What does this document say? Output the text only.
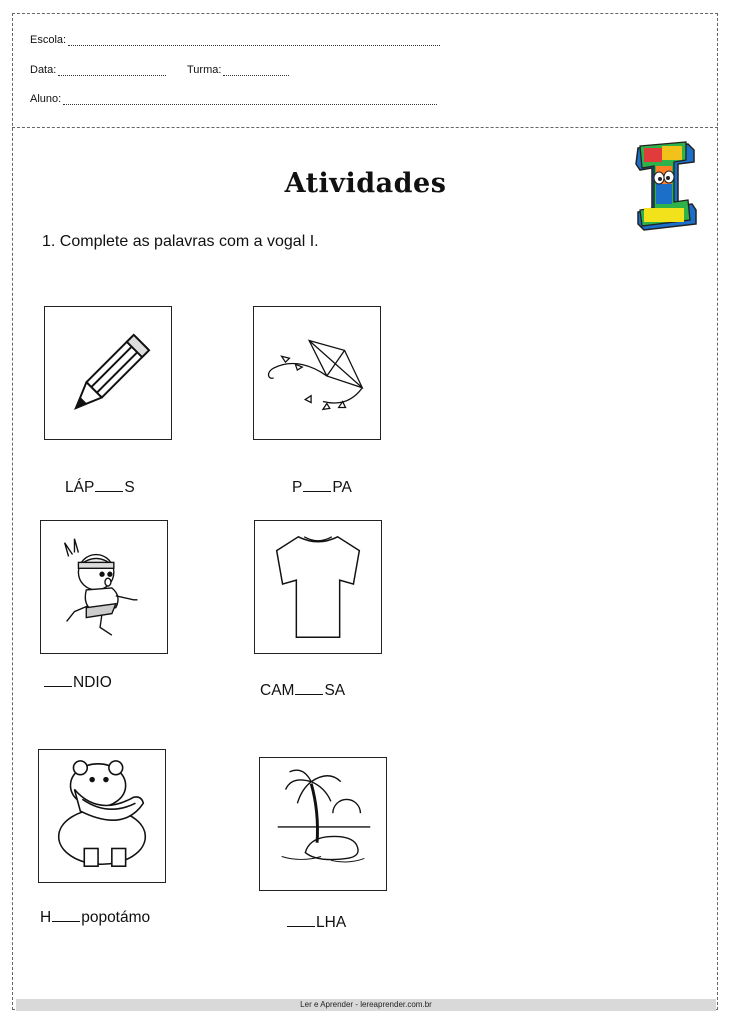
Escola:
Data:	Turma:
Aluno:
Atividades
1. Complete as palavras com a vogal I.
LÁP S	P PA
NDIO	CAM SA
H popotámo	LHA
Ler e Aprender - lereaprender.com.br
